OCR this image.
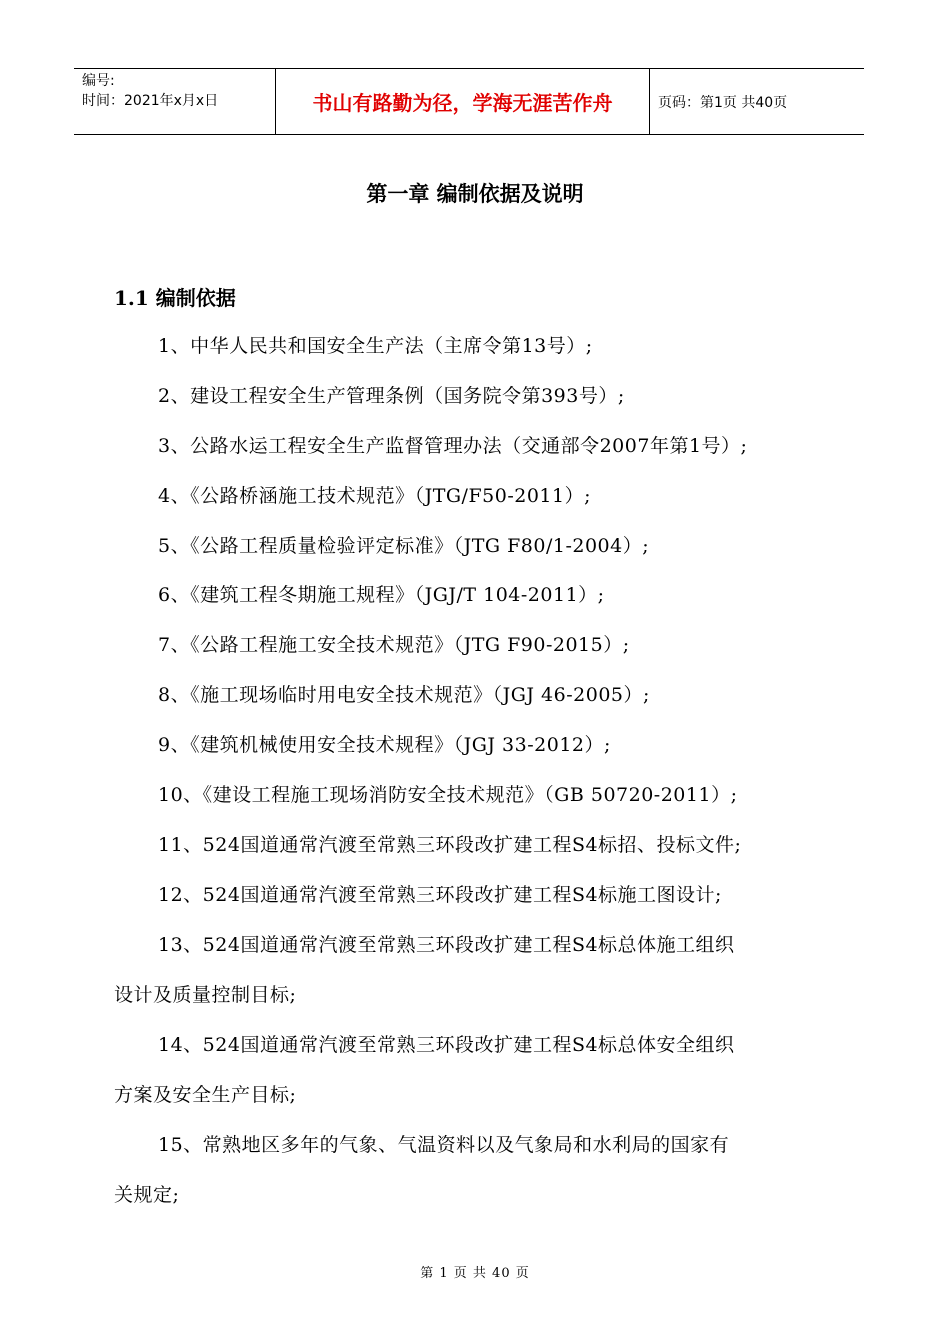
编号:
时间：2021年x月x日	书山有路勤为径，学海无涯苦作舟	页码：第1页 共40页
第一章 编制依据及说明
1.1 编制依据
1、中华人民共和国安全生产法（主席令第13号）;
2、建设工程安全生产管理条例（国务院令第393号）;
3、公路水运工程安全生产监督管理办法（交通部令2007年第1号）;
4、《公路桥涵施工技术规范》（JTG/F50-2011）;
5、《公路工程质量检验评定标准》（JTG F80/1-2004）;
6、《建筑工程冬期施工规程》（JGJ/T 104-2011）;
7、《公路工程施工安全技术规范》（JTG F90-2015）;
8、《施工现场临时用电安全技术规范》（JGJ 46-2005）;
9、《建筑机械使用安全技术规程》（JGJ 33-2012）;
10、《建设工程施工现场消防安全技术规范》（GB 50720-2011）;
11、524国道通常汽渡至常熟三环段改扩建工程S4标招、投标文件;
12、524国道通常汽渡至常熟三环段改扩建工程S4标施工图设计;
13、524国道通常汽渡至常熟三环段改扩建工程S4标总体施工组织
设计及质量控制目标;
14、524国道通常汽渡至常熟三环段改扩建工程S4标总体安全组织
方案及安全生产目标;
15、常熟地区多年的气象、气温资料以及气象局和水利局的国家有
关规定;
第 1 页 共 40 页
